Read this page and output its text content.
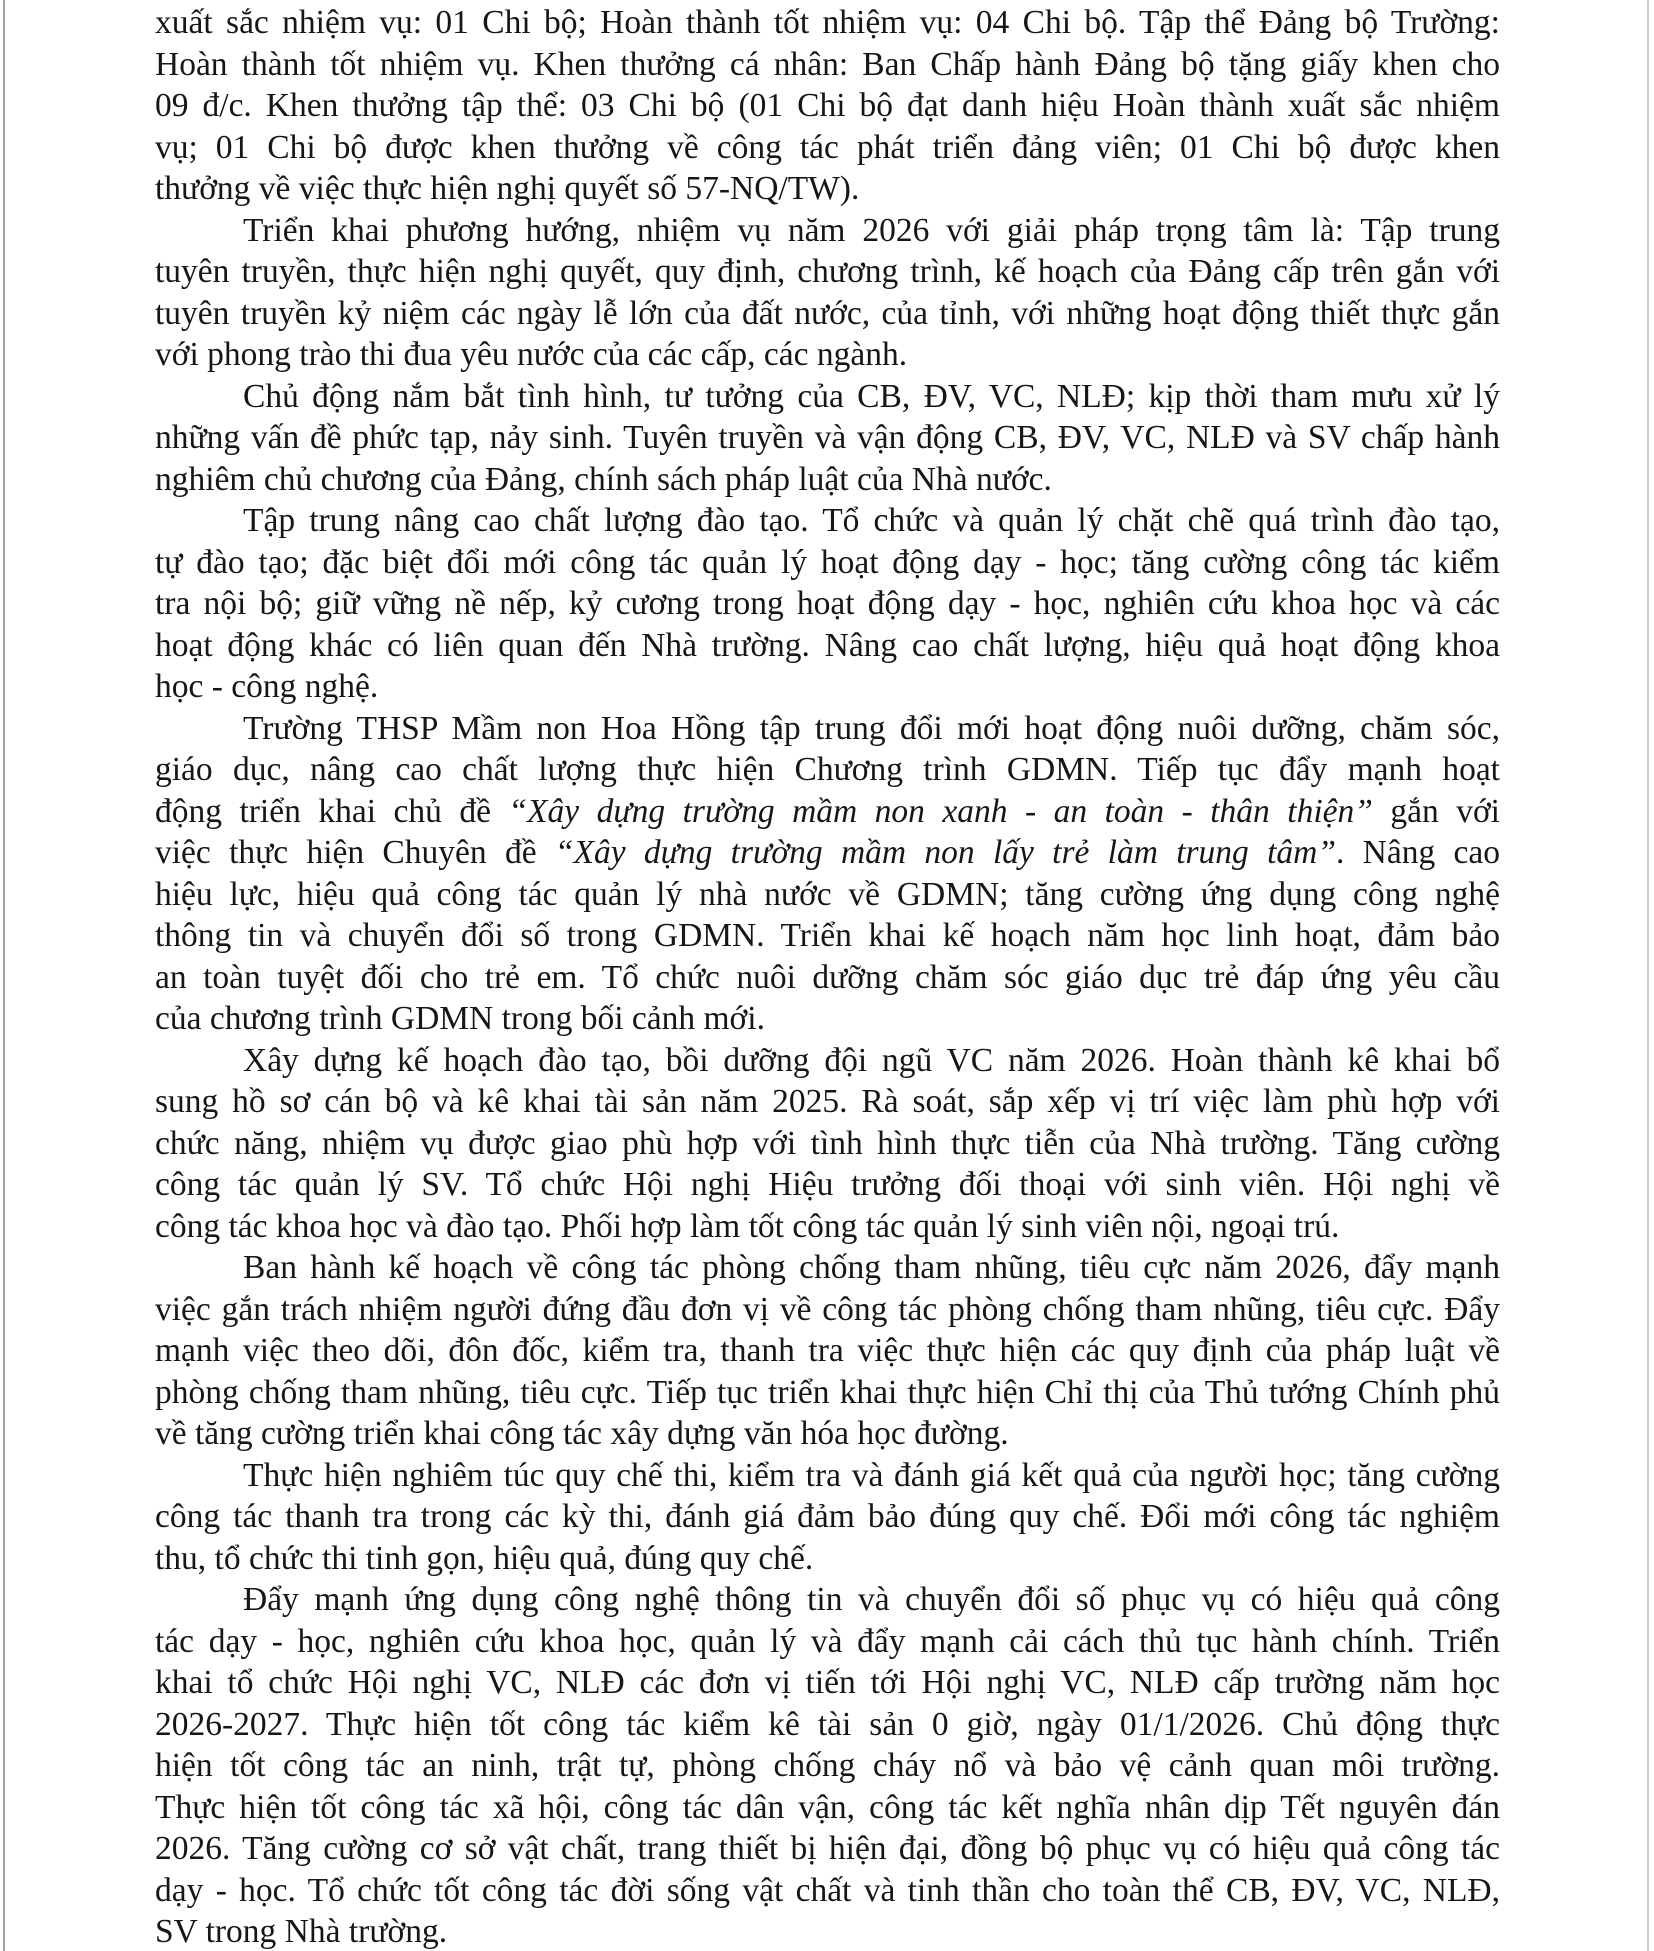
xuất sắc nhiệm vụ: 01 Chi bộ; Hoàn thành tốt nhiệm vụ: 04 Chi bộ. Tập thể Đảng bộ Trường:
Hoàn thành tốt nhiệm vụ. Khen thưởng cá nhân: Ban Chấp hành Đảng bộ tặng giấy khen cho
09 đ/c. Khen thưởng tập thể: 03 Chi bộ (01 Chi bộ đạt danh hiệu Hoàn thành xuất sắc nhiệm
vụ; 01 Chi bộ được khen thưởng về công tác phát triển đảng viên; 01 Chi bộ được khen
thưởng về việc thực hiện nghị quyết số 57-NQ/TW).
Triển khai phương hướng, nhiệm vụ năm 2026 với giải pháp trọng tâm là: Tập trung
tuyên truyền, thực hiện nghị quyết, quy định, chương trình, kế hoạch của Đảng cấp trên gắn với
tuyên truyền kỷ niệm các ngày lễ lớn của đất nước, của tỉnh, với những hoạt động thiết thực gắn
với phong trào thi đua yêu nước của các cấp, các ngành.
Chủ động nắm bắt tình hình, tư tưởng của CB, ĐV, VC, NLĐ; kịp thời tham mưu xử lý
những vấn đề phức tạp, nảy sinh. Tuyên truyền và vận động CB, ĐV, VC, NLĐ và SV chấp hành
nghiêm chủ chương của Đảng, chính sách pháp luật của Nhà nước.
Tập trung nâng cao chất lượng đào tạo. Tổ chức và quản lý chặt chẽ quá trình đào tạo,
tự đào tạo; đặc biệt đổi mới công tác quản lý hoạt động dạy - học; tăng cường công tác kiểm
tra nội bộ; giữ vững nề nếp, kỷ cương trong hoạt động dạy - học, nghiên cứu khoa học và các
hoạt động khác có liên quan đến Nhà trường. Nâng cao chất lượng, hiệu quả hoạt động khoa
học - công nghệ.
Trường THSP Mầm non Hoa Hồng tập trung đổi mới hoạt động nuôi dưỡng, chăm sóc,
giáo dục, nâng cao chất lượng thực hiện Chương trình GDMN. Tiếp tục đẩy mạnh hoạt
động triển khai chủ đề “Xây dựng trường mầm non xanh - an toàn - thân thiện” gắn với
việc thực hiện Chuyên đề “Xây dựng trường mầm non lấy trẻ làm trung tâm”. Nâng cao
hiệu lực, hiệu quả công tác quản lý nhà nước về GDMN; tăng cường ứng dụng công nghệ
thông tin và chuyển đổi số trong GDMN. Triển khai kế hoạch năm học linh hoạt, đảm bảo
an toàn tuyệt đối cho trẻ em. Tổ chức nuôi dưỡng chăm sóc giáo dục trẻ đáp ứng yêu cầu
của chương trình GDMN trong bối cảnh mới.
Xây dựng kế hoạch đào tạo, bồi dưỡng đội ngũ VC năm 2026. Hoàn thành kê khai bổ
sung hồ sơ cán bộ và kê khai tài sản năm 2025. Rà soát, sắp xếp vị trí việc làm phù hợp với
chức năng, nhiệm vụ được giao phù hợp với tình hình thực tiễn của Nhà trường. Tăng cường
công tác quản lý SV. Tổ chức Hội nghị Hiệu trưởng đối thoại với sinh viên. Hội nghị về
công tác khoa học và đào tạo. Phối hợp làm tốt công tác quản lý sinh viên nội, ngoại trú.
Ban hành kế hoạch về công tác phòng chống tham nhũng, tiêu cực năm 2026, đẩy mạnh
việc gắn trách nhiệm người đứng đầu đơn vị về công tác phòng chống tham nhũng, tiêu cực. Đẩy
mạnh việc theo dõi, đôn đốc, kiểm tra, thanh tra việc thực hiện các quy định của pháp luật về
phòng chống tham nhũng, tiêu cực. Tiếp tục triển khai thực hiện Chỉ thị của Thủ tướng Chính phủ
về tăng cường triển khai công tác xây dựng văn hóa học đường.
Thực hiện nghiêm túc quy chế thi, kiểm tra và đánh giá kết quả của người học; tăng cường
công tác thanh tra trong các kỳ thi, đánh giá đảm bảo đúng quy chế. Đổi mới công tác nghiệm
thu, tổ chức thi tinh gọn, hiệu quả, đúng quy chế.
Đẩy mạnh ứng dụng công nghệ thông tin và chuyển đổi số phục vụ có hiệu quả công
tác dạy - học, nghiên cứu khoa học, quản lý và đẩy mạnh cải cách thủ tục hành chính. Triển
khai tổ chức Hội nghị VC, NLĐ các đơn vị tiến tới Hội nghị VC, NLĐ cấp trường năm học
2026-2027. Thực hiện tốt công tác kiểm kê tài sản 0 giờ, ngày 01/1/2026. Chủ động thực
hiện tốt công tác an ninh, trật tự, phòng chống cháy nổ và bảo vệ cảnh quan môi trường.
Thực hiện tốt công tác xã hội, công tác dân vận, công tác kết nghĩa nhân dịp Tết nguyên đán
2026. Tăng cường cơ sở vật chất, trang thiết bị hiện đại, đồng bộ phục vụ có hiệu quả công tác
dạy - học. Tổ chức tốt công tác đời sống vật chất và tinh thần cho toàn thể CB, ĐV, VC, NLĐ,
SV trong Nhà trường.
